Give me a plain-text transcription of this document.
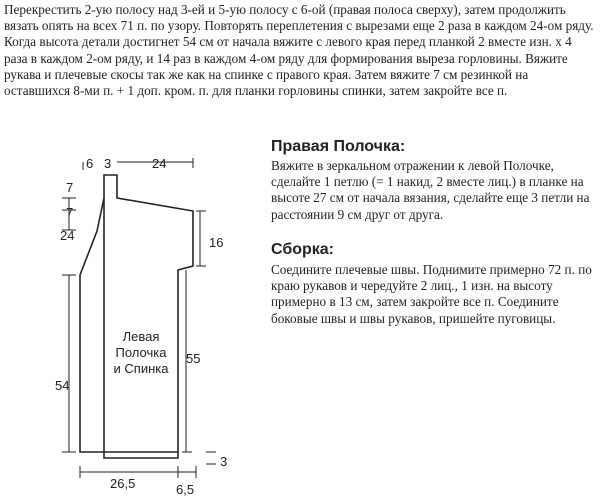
Перекрестить 2-ую полосу над 3-ей и 5-ую полосу с 6-ой (правая полоса сверху), затем продолжить вязать опять на всех 71 п. по узору. Повторять переплетения с вырезами еще 2 раза в каждом 24-ом ряду. Когда высота детали достигнет 54 см от начала вяжите с левого края перед планкой 2 вместе изн. х 4 раза в каждом 2-ом ряду, и 14 раз в каждом 4-ом ряду для формирования выреза горловины. Вяжите рукава и плечевые скосы так же как на спинке с правого края. Затем вяжите 7 см резинкой на оставшихся 8-ми п. + 1 доп. кром. п. для планки горловины спинки, затем закройте все п.

Правая Полочка:

Вяжите в зеркальном отражении к левой Полочке, сделайте 1 петлю (= 1 накид, 2 вместе лиц.) в планке на высоте 27 см от начала вязания, сделайте еще 3 петли на расстоянии 9 см друг от друга.

Сборка:

Соедините плечевые швы. Поднимите примерно 72 п. по краю рукавов и чередуйте 2 лиц., 1 изн. на высоту примерно в 13 см, затем закройте все п. Соедините боковые швы и швы рукавов, пришейте пуговицы.

6 3	24
7
7
24	16
55
54
3
26,5	6,5
Левая
Полочка
и Спинка
